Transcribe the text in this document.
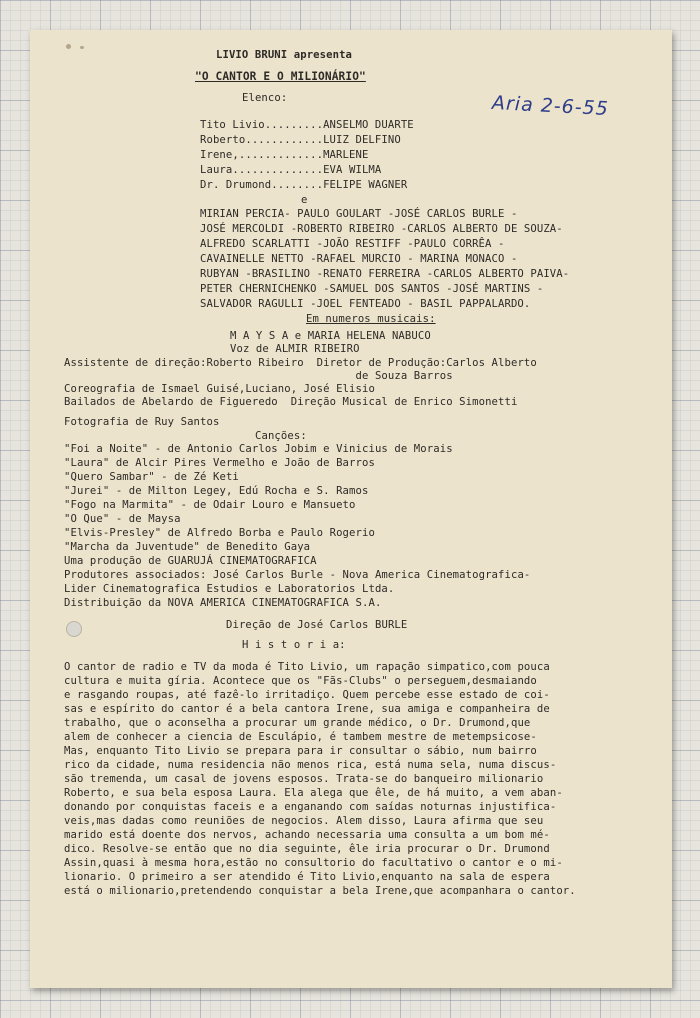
Aria 2-6-55
LIVIO BRUNI apresenta
"O CANTOR E O MILIONÁRIO"
Elenco:
Tito Livio.........ANSELMO DUARTE
Roberto............LUIZ DELFINO
Irene,.............MARLENE
Laura..............EVA WILMA
Dr. Drumond........FELIPE WAGNER
e
MIRIAN PERCIA- PAULO GOULART -JOSÉ CARLOS BURLE -
JOSÉ MERCOLDI -ROBERTO RIBEIRO -CARLOS ALBERTO DE SOUZA-
ALFREDO SCARLATTI -JOÃO RESTIFF -PAULO CORRÊA -
CAVAINELLE NETTO -RAFAEL MURCIO - MARINA MONACO -
RUBYAN -BRASILINO -RENATO FERREIRA -CARLOS ALBERTO PAIVA-
PETER CHERNICHENKO -SAMUEL DOS SANTOS -JOSÉ MARTINS -
SALVADOR RAGULLI -JOEL FENTEADO - BASIL PAPPALARDO.
Em numeros musicais:
M A Y S A e MARIA HELENA NABUCO
Voz de ALMIR RIBEIRO
Assistente de direção:Roberto Ribeiro  Diretor de Produção:Carlos Alberto
de Souza Barros
Coreografia de Ismael Guisé,Luciano, José Elisio
Bailados de Abelardo de Figueredo  Direção Musical de Enrico Simonetti
Fotografia de Ruy Santos
Canções:
"Foi a Noite" - de Antonio Carlos Jobim e Vinicius de Morais
"Laura" de Alcir Pires Vermelho e João de Barros
"Quero Sambar" - de Zé Keti
"Jurei" - de Milton Legey, Edú Rocha e S. Ramos
"Fogo na Marmita" - de Odair Louro e Mansueto
"O Que" - de Maysa
"Elvis-Presley" de Alfredo Borba e Paulo Rogerio
"Marcha da Juventude" de Benedito Gaya
Uma produção de GUARUJÁ CINEMATOGRAFICA
Produtores associados: José Carlos Burle - Nova America Cinematografica-
Lider Cinematografica Estudios e Laboratorios Ltda.
Distribuição da NOVA AMERICA CINEMATOGRAFICA S.A.
Direção de José Carlos BURLE
H i s t o r i a:
O cantor de radio e TV da moda é Tito Livio, um rapação simpatico,com pouca
cultura e muita gíria. Acontece que os "Fãs-Clubs" o perseguem,desmaiando
e rasgando roupas, até fazê-lo irritadiço. Quem percebe esse estado de coi-
sas e espírito do cantor é a bela cantora Irene, sua amiga e companheira de
trabalho, que o aconselha a procurar um grande médico, o Dr. Drumond,que
alem de conhecer a ciencia de Esculápio, é tambem mestre de metempsicose-
Mas, enquanto Tito Livio se prepara para ir consultar o sábio, num bairro
rico da cidade, numa residencia não menos rica, está numa sela, numa discus-
são tremenda, um casal de jovens esposos. Trata-se do banqueiro milionario
Roberto, e sua bela esposa Laura. Ela alega que êle, de há muito, a vem aban-
donando por conquistas faceis e a enganando com saídas noturnas injustifica-
veis,mas dadas como reuniões de negocios. Alem disso, Laura afirma que seu
marido está doente dos nervos, achando necessaria uma consulta a um bom mé-
dico. Resolve-se então que no dia seguinte, êle iria procurar o Dr. Drumond
Assin,quasi à mesma hora,estão no consultorio do facultativo o cantor e o mi-
lionario. O primeiro a ser atendido é Tito Livio,enquanto na sala de espera
está o milionario,pretendendo conquistar a bela Irene,que acompanhara o cantor.
